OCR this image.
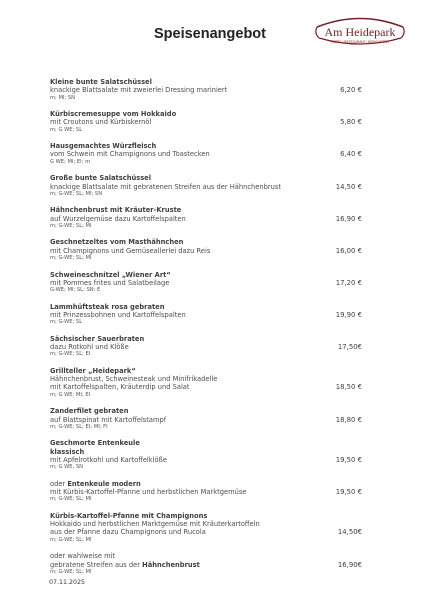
Speisenangebot	Am Heidepark
HOTEL | RESTAURANT | BIERGARTEN
Kleine bunte Salatschüssel
knackige Blattsalate mit zweierlei Dressing mariniert
m; MI; SN
6,20 €
Kürbiscremesuppe vom Hokkaido
mit Croutons und Kürbiskernöl
m; G WE; SL
5,80 €
Hausgemachtes Würzfleisch
vom Schwein mit Champignons und Toastecken
G WE; MI; EI; m
6,40 €
Große bunte Salatschüssel
knackige Blattsalate mit gebratenen Streifen aus der Hähnchenbrust
m; G-WE; SL; MI; SN
14,50 €
Hähnchenbrust mit Kräuter-Kruste
auf Wurzelgemüse dazu Kartoffelspalten
m; G-WE; SL; MI
16,90 €
Geschnetzeltes vom Masthähnchen
mit Champignons und Gemüseallerlei dazu Reis
m; G-WE; SL; MI
16,00 €
Schweineschnitzel „Wiener Art“
mit Pommes frites und Salatbeilage
G-WE; MI; SL; SN; E
17,20 €
Lammhüftsteak rosa gebraten
mit Prinzessbohnen und Kartoffelspalten
m; G-WE; SL
19,90 €
Sächsischer Sauerbraten
dazu Rotkohl und Klöße
m; G-WE; SL; EI
17,50€
Grillteller „Heidepark“
Hähnchenbrust, Schweinesteak und Minifrikadelle
mit Kartoffelspalten, Kräuterdip und Salat
m; G WE; MI; EI
18,50 €
Zanderfilet gebraten
auf Blattspinat mit Kartoffelstampf
m; G-WE; SL; EI; MI; FI
18,80 €
Geschmorte Entenkeule
klassisch
mit Apfelrotkohl und Kartoffelklöße
m; G WE, SN
19,50 €
oder Entenkeule modern
mit Kürbis-Kartoffel-Pfanne und herbstlichen Marktgemüse
m; G-WE; SL; MI
19,50 €
Kürbis-Kartoffel-Pfanne mit Champignons
Hokkaido und herbstlichen Marktgemüse mit Kräuterkartoffeln
aus der Pfanne dazu Champignons und Rucola
m; G-WE; SL; MI
14,50€
oder wahlweise mit
gebratene Streifen aus der Hähnchenbrust
m; G-WE; SL; MI
16,90€
07.11.2025
